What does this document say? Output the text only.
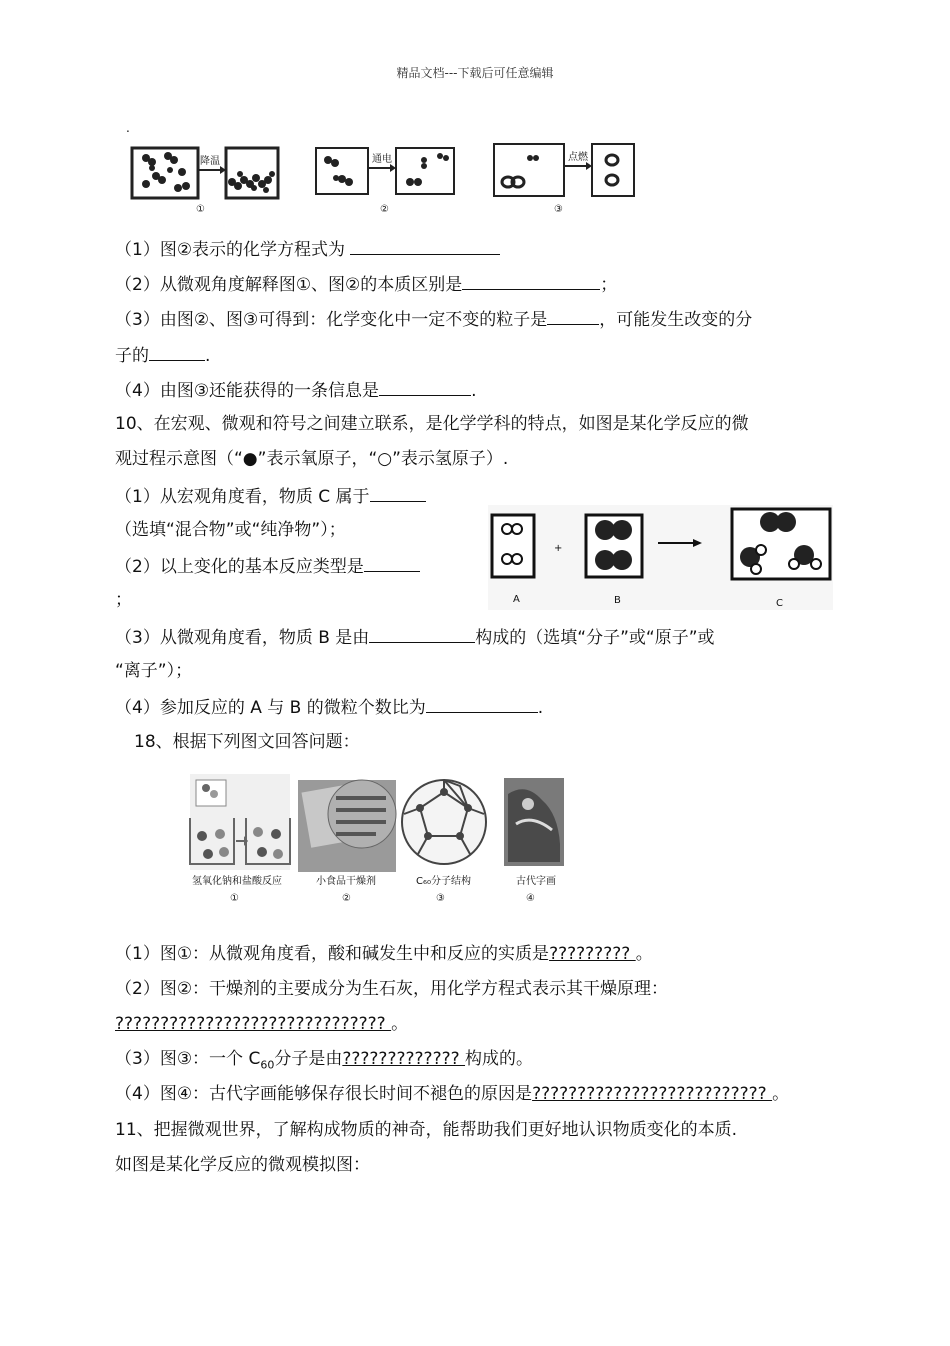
精品文档---下载后可任意编辑
.
降温
①
通电
②
点燃
③
（1）图②表示的化学方程式为
（2）从微观角度解释图①、图②的本质区别是	；
（3）由图②、图③可得到：化学变化中一定不变的粒子是	，可能发生改变的分
子的	.
（4）由图③还能获得的一条信息是	.
10、在宏观、微观和符号之间建立联系，是化学学科的特点，如图是某化学反应的微
观过程示意图（“●”表示氧原子，“○”表示氢原子）.
（1）从宏观角度看，物质 C 属于
（选填“混合物”或“纯净物”）；
（2）以上变化的基本反应类型是
；
+
A	B	C
（3）从微观角度看，物质 B 是由	构成的（选填“分子”或“原子”或
“离子”）；
（4）参加反应的 A 与 B 的微粒个数比为	.
18、根据下列图文回答问题：
氢氧化钠和盐酸反应
①
小食品干燥剂
②
C₆₀分子结构
③
古代字画
④
（1）图①：从微观角度看，酸和碱发生中和反应的实质是????????? 。
（2）图②：干燥剂的主要成分为生石灰，用化学方程式表示其干燥原理：
?????????????????????????????? 。
（3）图③：一个 $C_{60}$分子是由????????????? 构成的。
（4）图④：古代字画能够保存很长时间不褪色的原因是?????????????????????????? 。
11、把握微观世界，了解构成物质的神奇，能帮助我们更好地认识物质变化的本质.
如图是某化学反应的微观模拟图：
